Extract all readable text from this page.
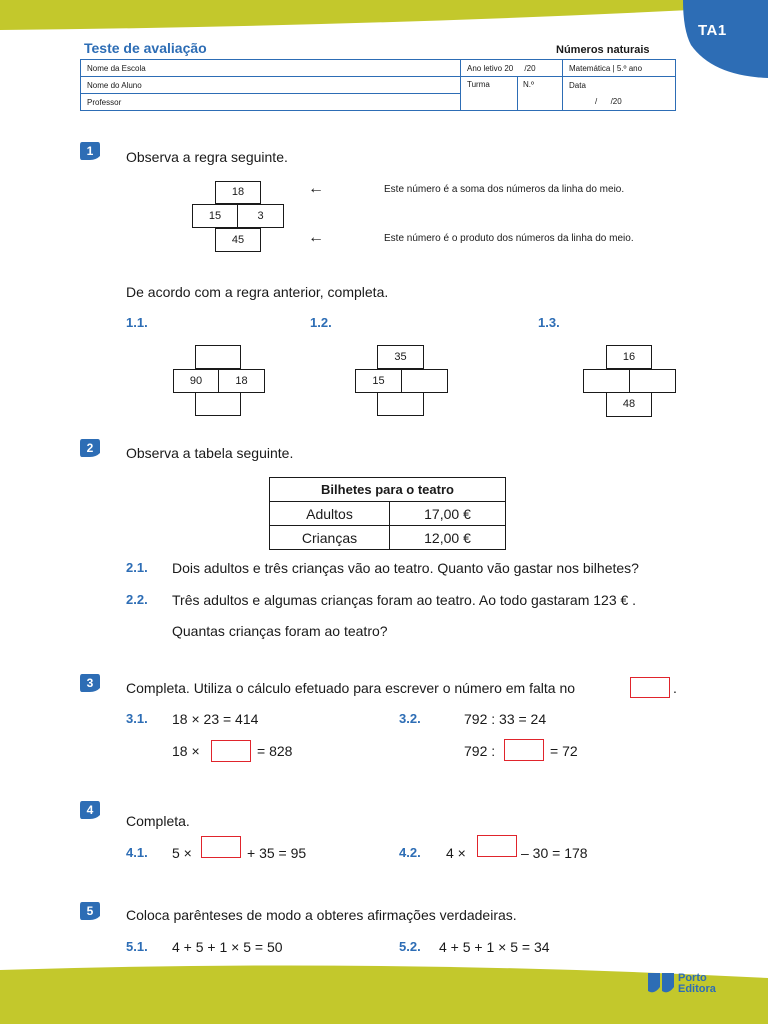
TA1
Teste de avaliação	Números naturais
Nome da Escola	Ano letivo 20 /20	Matemática | 5.º ano
Nome do Aluno	Turma N.º	Data
Professor		/ /20
1	Observa a regra seguinte.
18
15	3
45
←	Este número é a soma dos números da linha do meio.
←	Este número é o produto dos números da linha do meio.
De acordo com a regra anterior, completa.
1.1.
90	18
1.2.
35
15
1.3.
16
48
2	Observa a tabela seguinte.
Bilhetes para o teatro	
Adultos	17,00 €
Crianças	12,00 €
2.1. Dois adultos e três crianças vão ao teatro. Quanto vão gastar nos bilhetes?
2.2. Três adultos e algumas crianças foram ao teatro. Ao todo gastaram 123 € .
Quantas crianças foram ao teatro?
3	Completa. Utiliza o cálculo efetuado para escrever o número em falta no	.
3.1. 18 × 23 = 414
18 ×	= 828
3.2.	792 : 33 = 24
792 :	= 72
4
Completa.
4.1. 5 ×	+ 35 = 95	4.2. 4 ×	– 30 = 178
5	Coloca parênteses de modo a obteres afirmações verdadeiras.
5.1. 4 + 5 + 1 × 5 = 50	5.2. 4 + 5 + 1 × 5 = 34
Porto
Editora
